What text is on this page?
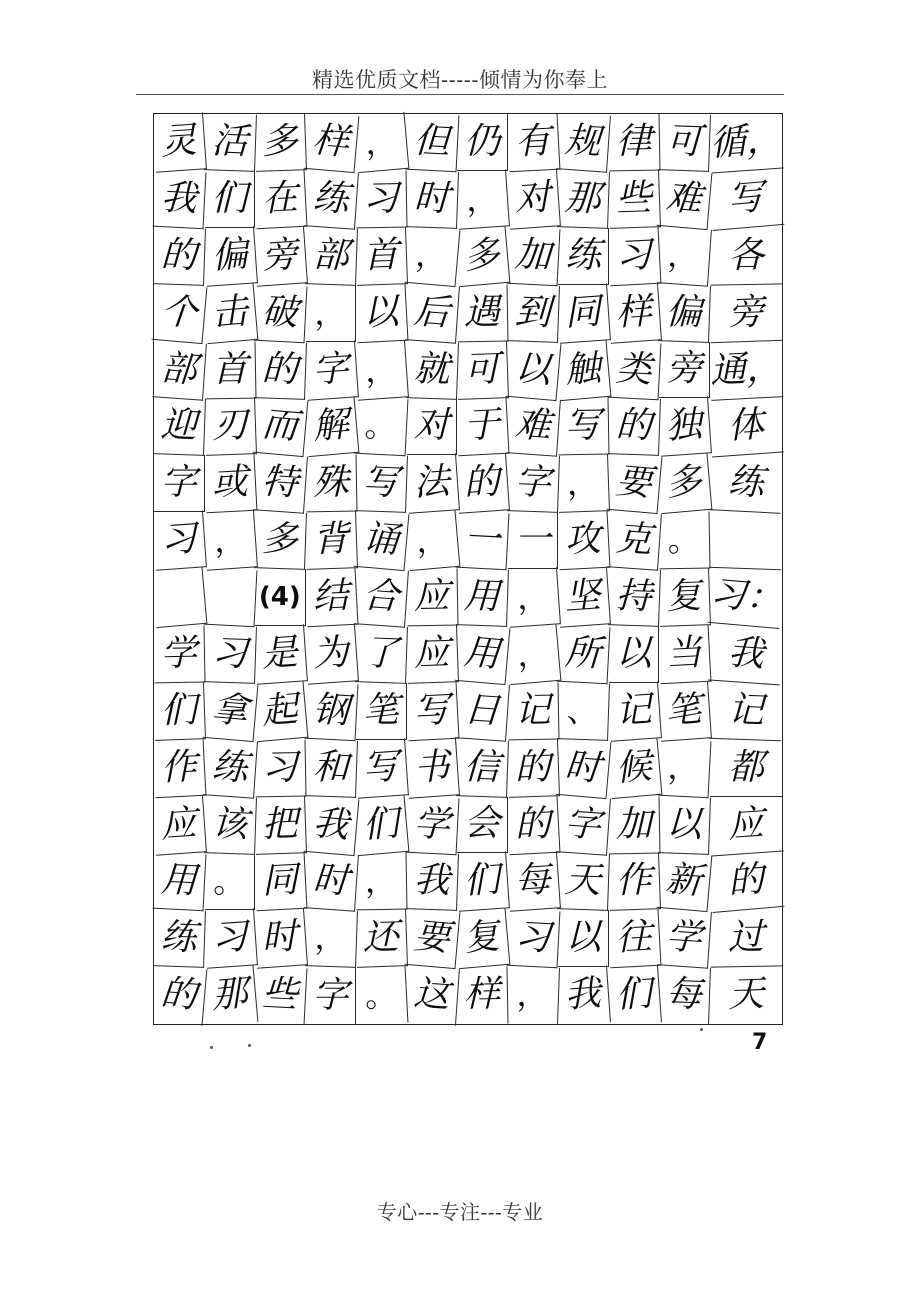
精选优质文档-----倾情为你奉上
灵 活 多 样 ， 但 仍 有 规 律 可 循，
我 们 在 练 习 时 ， 对 那 些 难 写
的 偏 旁 部 首 ， 多 加 练 习 ， 各
个 击 破 ， 以 后 遇 到 同 样 偏 旁
部 首 的 字 ， 就 可 以 触 类 旁 通，
迎 刃 而 解 。 对 于 难 写 的 独 体
字 或 特 殊 写 法 的 字 ， 要 多 练
习 ， 多 背 诵 ， 一 一 攻 克 。
(4) 结 合 应 用 ， 坚 持 复 习：
学 习 是 为 了 应 用 ， 所 以 当 我
们 拿 起 钢 笔 写 日 记 、 记 笔 记
作 练 习 和 写 书 信 的 时 候 ， 都
应 该 把 我 们 学 会 的 字 加 以 应
用 。 同 时 ， 我 们 每 天 作 新 的
练 习 时 ， 还 要 复 习 以 往 学 过
的 那 些 字 。 这 样 ， 我 们 每 天
7
专心---专注---专业
